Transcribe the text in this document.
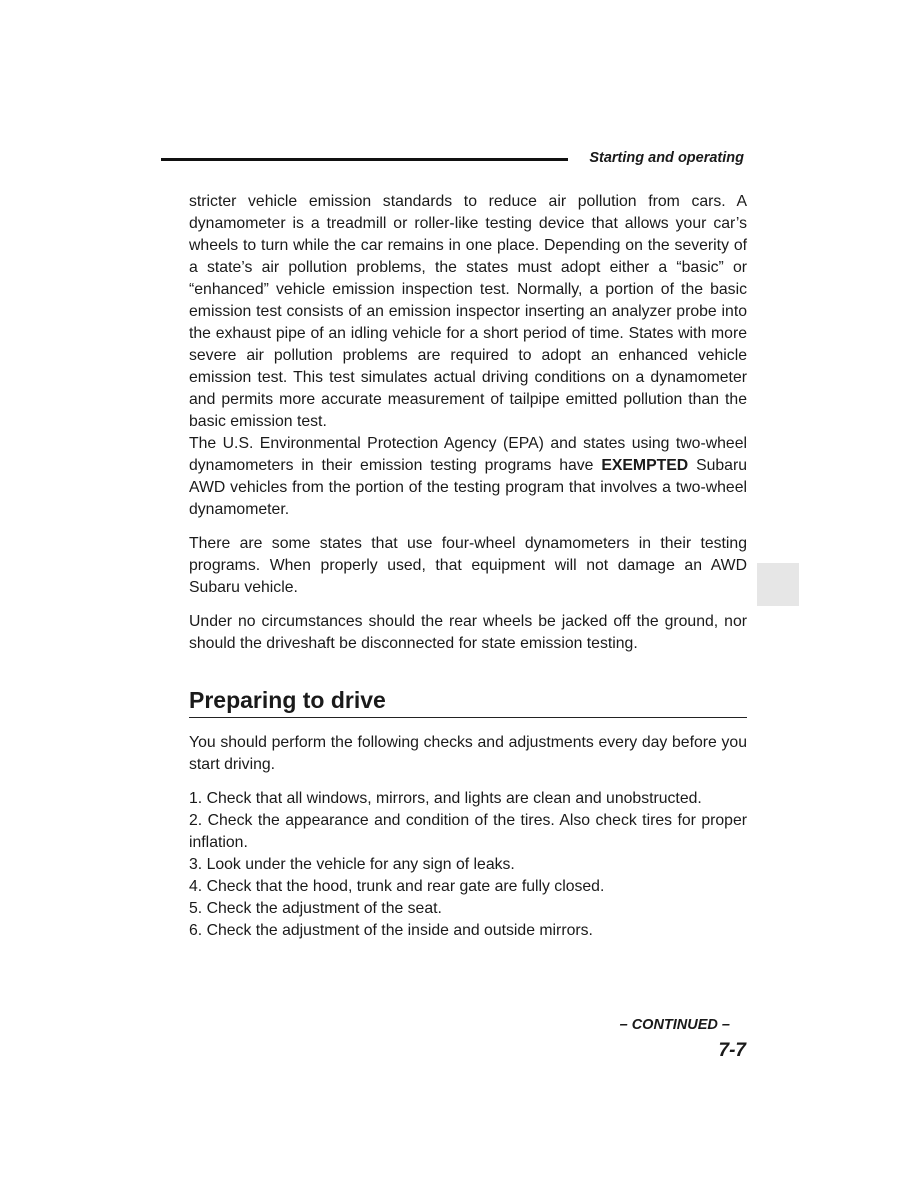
Starting and operating

stricter vehicle emission standards to reduce air pollution from cars. A dynamometer is a treadmill or roller-like testing device that allows your car’s wheels to turn while the car remains in one place. Depending on the severity of a state’s air pollution problems, the states must adopt either a “basic” or “enhanced” vehicle emission inspection test. Normally, a portion of the basic emission test consists of an emission inspector inserting an analyzer probe into the exhaust pipe of an idling vehicle for a short period of time. States with more severe air pollution problems are required to adopt an enhanced vehicle emission test. This test simulates actual driving conditions on a dynamometer and permits more accurate measurement of tailpipe emitted pollution than the basic emission test.

The U.S. Environmental Protection Agency (EPA) and states using two-wheel dynamometers in their emission testing programs have EXEMPTED Subaru AWD vehicles from the portion of the testing program that involves a two-wheel dynamometer.

There are some states that use four-wheel dynamometers in their testing programs. When properly used, that equipment will not damage an AWD Subaru vehicle.

Under no circumstances should the rear wheels be jacked off the ground, nor should the driveshaft be disconnected for state emission testing.

Preparing to drive

You should perform the following checks and adjustments every day before you start driving.

1. Check that all windows, mirrors, and lights are clean and unobstructed.
2. Check the appearance and condition of the tires. Also check tires for proper inflation.
3. Look under the vehicle for any sign of leaks.
4. Check that the hood, trunk and rear gate are fully closed.
5. Check the adjustment of the seat.
6. Check the adjustment of the inside and outside mirrors.
– CONTINUED –
7-7
